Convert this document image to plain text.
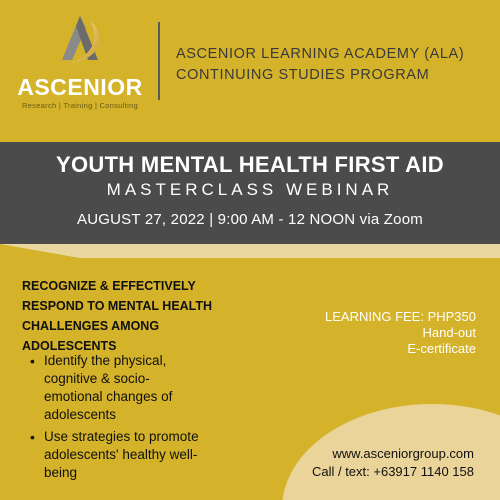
ASCENIOR
Research | Training | Consulting
ASCENIOR LEARNING ACADEMY (ALA)
CONTINUING STUDIES PROGRAM
YOUTH MENTAL HEALTH FIRST AID
MASTERCLASS WEBINAR
AUGUST 27, 2022 | 9:00 AM - 12 NOON via Zoom
RECOGNIZE & EFFECTIVELY
RESPOND TO MENTAL HEALTH
CHALLENGES AMONG
ADOLESCENTS
• Identify the physical,
cognitive & socio-
emotional changes of
adolescents
• Use strategies to promote
adolescents' healthy well-
being
LEARNING FEE: PHP350
Hand-out
E-certificate
www.asceniorgroup.com
Call / text: +63917 1140 158
